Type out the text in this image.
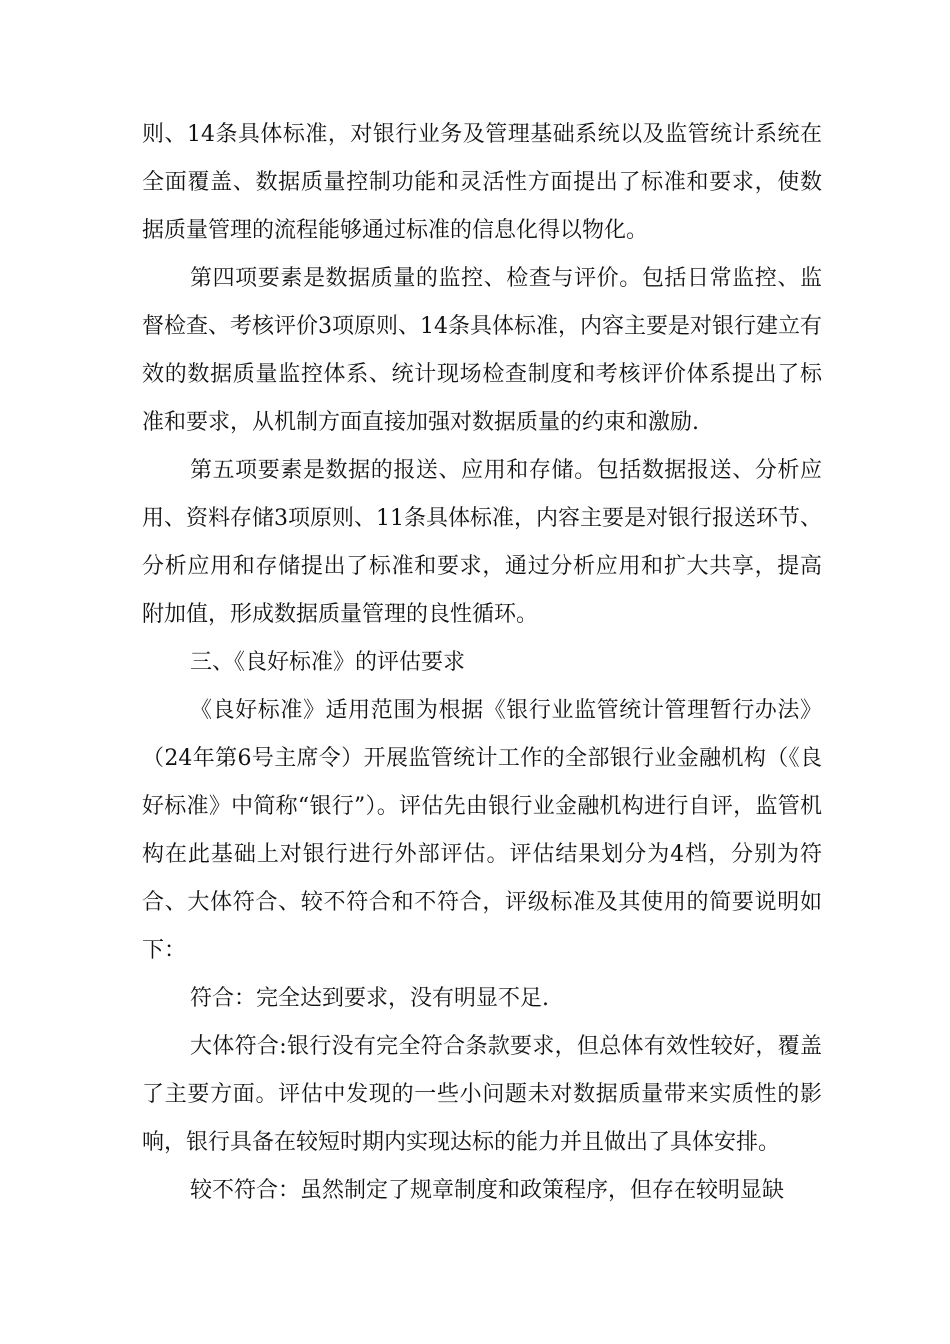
则、14条具体标准，对银行业务及管理基础系统以及监管统计系统在全面覆盖、数据质量控制功能和灵活性方面提出了标准和要求，使数据质量管理的流程能够通过标准的信息化得以物化。

第四项要素是数据质量的监控、检查与评价。包括日常监控、监督检查、考核评价3项原则、14条具体标准，内容主要是对银行建立有效的数据质量监控体系、统计现场检查制度和考核评价体系提出了标准和要求，从机制方面直接加强对数据质量的约束和激励.

第五项要素是数据的报送、应用和存储。包括数据报送、分析应用、资料存储3项原则、11条具体标准，内容主要是对银行报送环节、分析应用和存储提出了标准和要求，通过分析应用和扩大共享，提高附加值，形成数据质量管理的良性循环。

三、《良好标准》的评估要求

《良好标准》适用范围为根据《银行业监管统计管理暂行办法》（24年第6号主席令）开展监管统计工作的全部银行业金融机构（《良好标准》中简称“银行”）。评估先由银行业金融机构进行自评，监管机构在此基础上对银行进行外部评估。评估结果划分为4档，分别为符合、大体符合、较不符合和不符合，评级标准及其使用的简要说明如下：

符合：完全达到要求，没有明显不足.

大体符合:银行没有完全符合条款要求，但总体有效性较好，覆盖了主要方面。评估中发现的一些小问题未对数据质量带来实质性的影响，银行具备在较短时期内实现达标的能力并且做出了具体安排。

较不符合：虽然制定了规章制度和政策程序，但存在较明显缺
